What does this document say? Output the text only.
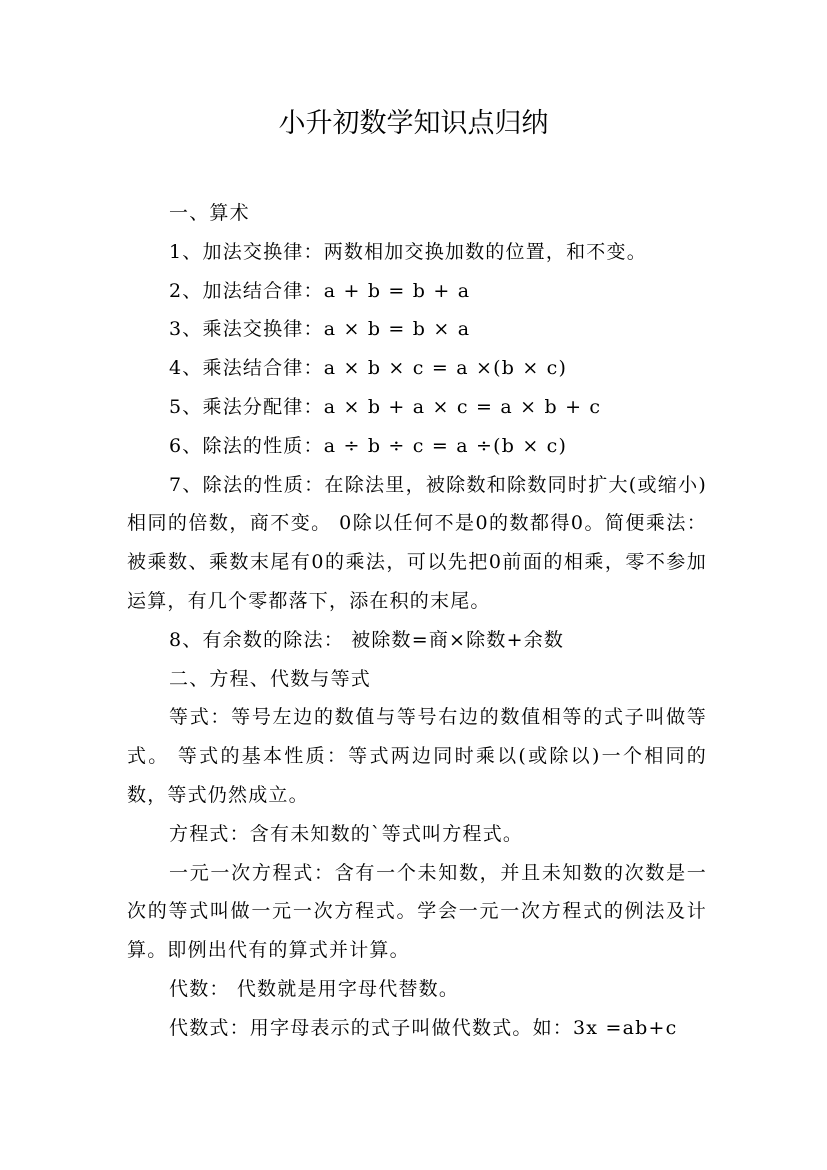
小升初数学知识点归纳

一、算术

1、加法交换律：两数相加交换加数的位置，和不变。

2、加法结合律：a + b = b + a

3、乘法交换律：a × b = b × a

4、乘法结合律：a × b × c = a ×(b × c)

5、乘法分配律：a × b + a × c = a × b + c

6、除法的性质：a ÷ b ÷ c = a ÷(b × c)

7、除法的性质：在除法里，被除数和除数同时扩大(或缩小)相同的倍数，商不变。 0除以任何不是0的数都得0。简便乘法：被乘数、乘数末尾有0的乘法，可以先把0前面的相乘，零不参加运算，有几个零都落下，添在积的末尾。

8、有余数的除法： 被除数=商×除数+余数

二、方程、代数与等式

等式：等号左边的数值与等号右边的数值相等的式子叫做等式。 等式的基本性质：等式两边同时乘以(或除以)一个相同的数，等式仍然成立。

方程式：含有未知数的`等式叫方程式。

一元一次方程式：含有一个未知数，并且未知数的次数是一次的等式叫做一元一次方程式。学会一元一次方程式的例法及计算。即例出代有的算式并计算。

代数： 代数就是用字母代替数。

代数式：用字母表示的式子叫做代数式。如：3x =ab+c
